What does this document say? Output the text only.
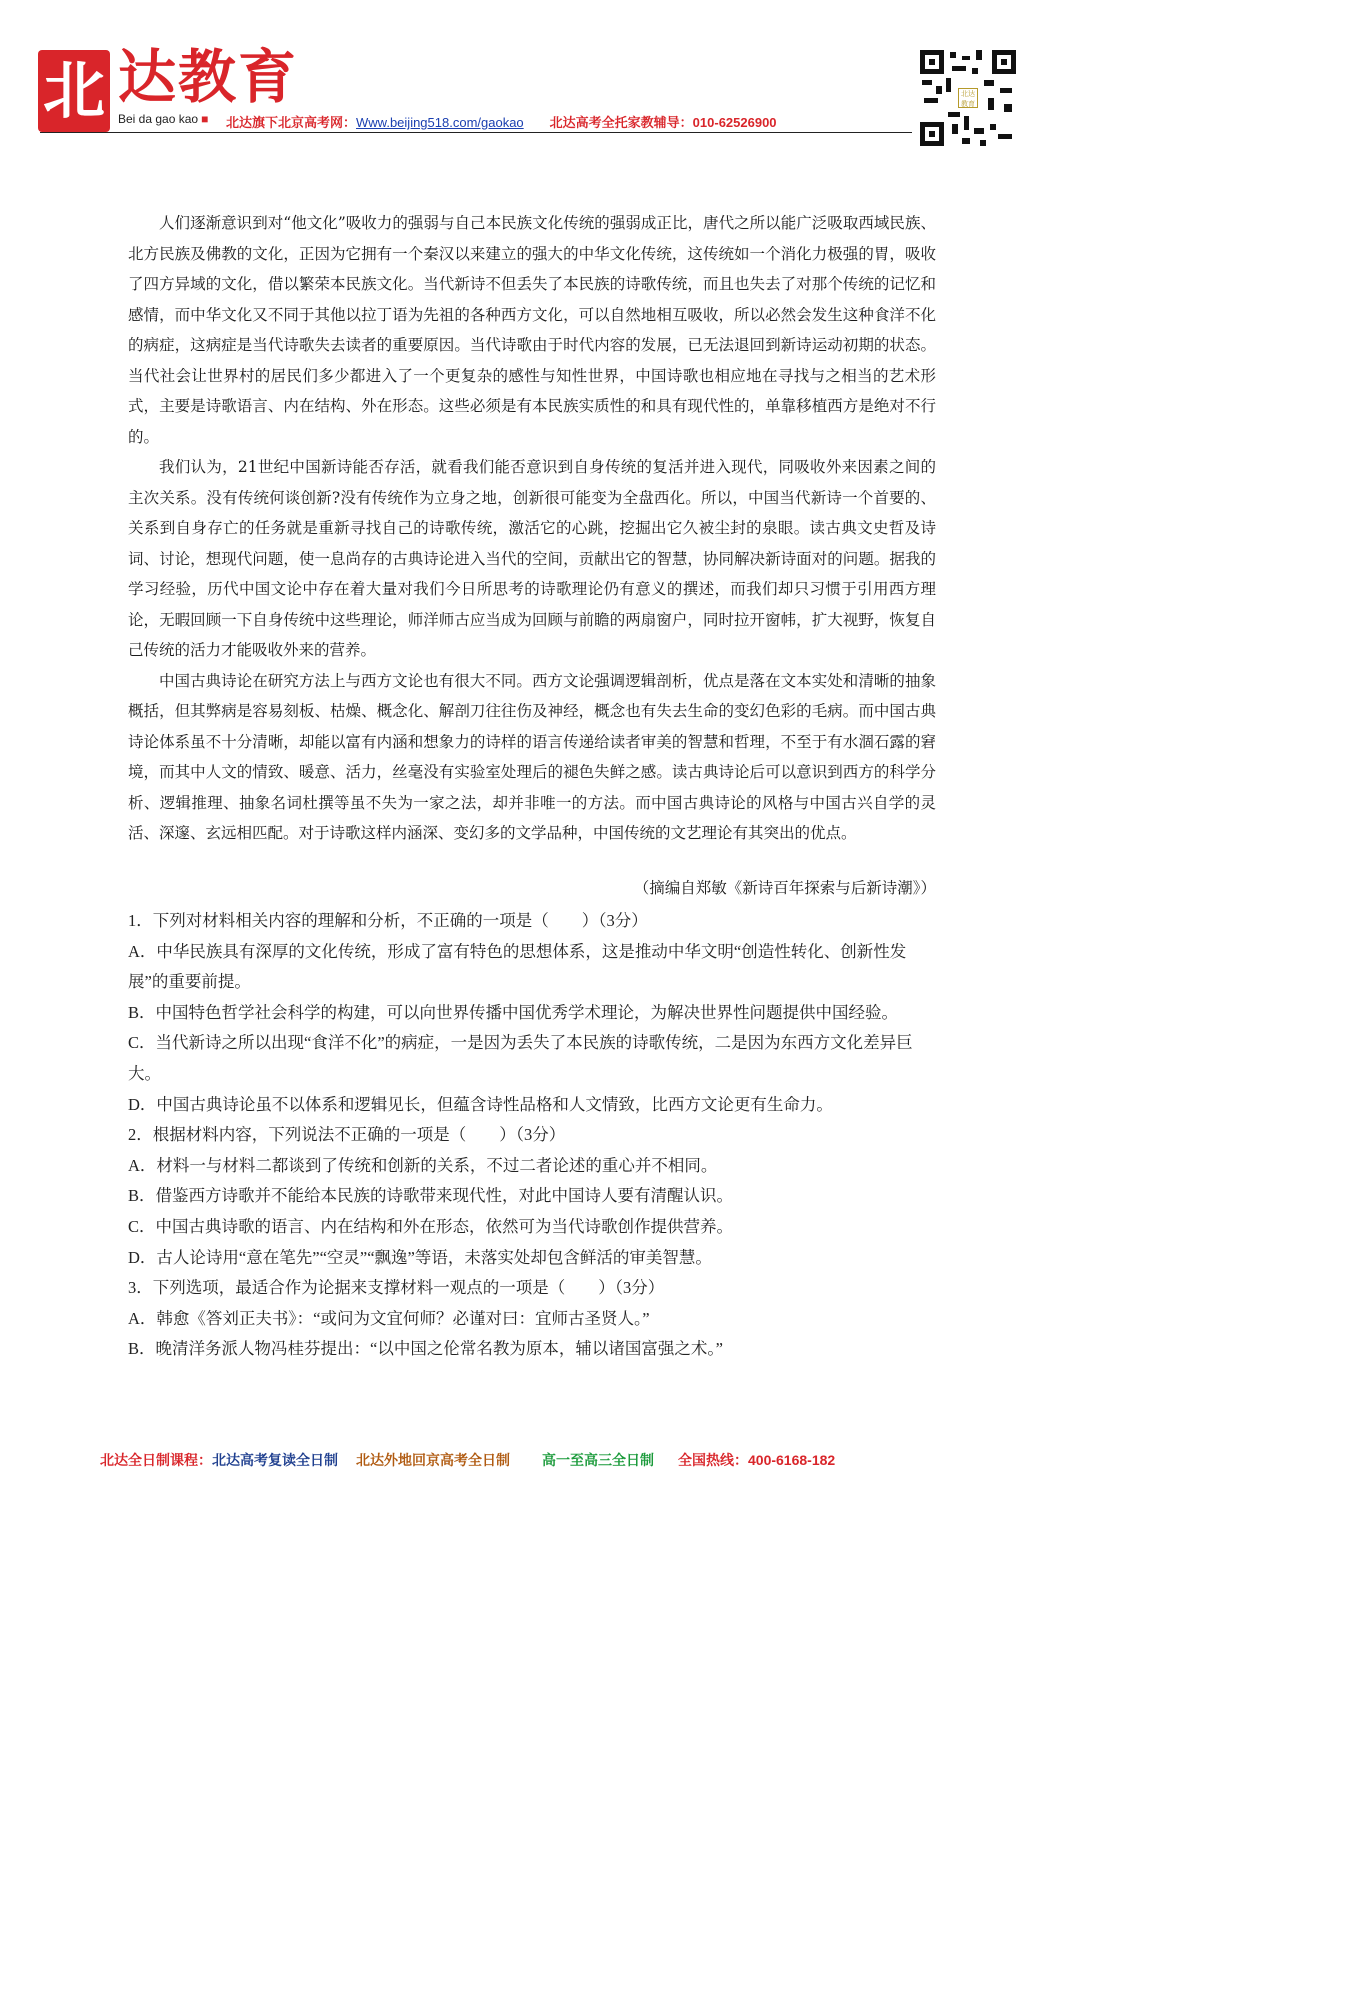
北 达教育
Bei da gao kao ■ 北达旗下北京高考网：Www.beijing518.com/gaokao 北达高考全托家教辅导：010-62526900
北达教育

人们逐渐意识到对“他文化”吸收力的强弱与自己本民族文化传统的强弱成正比，唐代之所以能广泛吸取西域民族、北方民族及佛教的文化，正因为它拥有一个秦汉以来建立的强大的中华文化传统，这传统如一个消化力极强的胃，吸收了四方异域的文化，借以繁荣本民族文化。当代新诗不但丢失了本民族的诗歌传统，而且也失去了对那个传统的记忆和感情，而中华文化又不同于其他以拉丁语为先祖的各种西方文化，可以自然地相互吸收，所以必然会发生这种食洋不化的病症，这病症是当代诗歌失去读者的重要原因。当代诗歌由于时代内容的发展，已无法退回到新诗运动初期的状态。当代社会让世界村的居民们多少都进入了一个更复杂的感性与知性世界，中国诗歌也相应地在寻找与之相当的艺术形式，主要是诗歌语言、内在结构、外在形态。这些必须是有本民族实质性的和具有现代性的，单靠移植西方是绝对不行的。

我们认为，21世纪中国新诗能否存活，就看我们能否意识到自身传统的复活并进入现代，同吸收外来因素之间的主次关系。没有传统何谈创新?没有传统作为立身之地，创新很可能变为全盘西化。所以，中国当代新诗一个首要的、关系到自身存亡的任务就是重新寻找自己的诗歌传统，激活它的心跳，挖掘出它久被尘封的泉眼。读古典文史哲及诗词、讨论，想现代问题，使一息尚存的古典诗论进入当代的空间，贡献出它的智慧，协同解决新诗面对的问题。据我的学习经验，历代中国文论中存在着大量对我们今日所思考的诗歌理论仍有意义的撰述，而我们却只习惯于引用西方理论，无暇回顾一下自身传统中这些理论，师洋师古应当成为回顾与前瞻的两扇窗户，同时拉开窗帏，扩大视野，恢复自己传统的活力才能吸收外来的营养。

中国古典诗论在研究方法上与西方文论也有很大不同。西方文论强调逻辑剖析，优点是落在文本实处和清晰的抽象概括，但其弊病是容易刻板、枯燥、概念化、解剖刀往往伤及神经，概念也有失去生命的变幻色彩的毛病。而中国古典诗论体系虽不十分清晰，却能以富有内涵和想象力的诗样的语言传递给读者审美的智慧和哲理，不至于有水涸石露的窘境，而其中人文的情致、暖意、活力，丝毫没有实验室处理后的褪色失鲜之感。读古典诗论后可以意识到西方的科学分析、逻辑推理、抽象名词杜撰等虽不失为一家之法，却并非唯一的方法。而中国古典诗论的风格与中国古兴自学的灵活、深邃、玄远相匹配。对于诗歌这样内涵深、变幻多的文学品种，中国传统的文艺理论有其突出的优点。

（摘编自郑敏《新诗百年探索与后新诗潮》）
1．下列对材料相关内容的理解和分析，不正确的一项是（　　）（3分）
A．中华民族具有深厚的文化传统，形成了富有特色的思想体系，这是推动中华文明“创造性转化、创新性发展”的重要前提。
B．中国特色哲学社会科学的构建，可以向世界传播中国优秀学术理论，为解决世界性问题提供中国经验。
C．当代新诗之所以出现“食洋不化”的病症，一是因为丢失了本民族的诗歌传统，二是因为东西方文化差异巨大。
D．中国古典诗论虽不以体系和逻辑见长，但蕴含诗性品格和人文情致，比西方文论更有生命力。
2．根据材料内容，下列说法不正确的一项是（　　）（3分）
A．材料一与材料二都谈到了传统和创新的关系，不过二者论述的重心并不相同。
B．借鉴西方诗歌并不能给本民族的诗歌带来现代性，对此中国诗人要有清醒认识。
C．中国古典诗歌的语言、内在结构和外在形态，依然可为当代诗歌创作提供营养。
D．古人论诗用“意在笔先”“空灵”“飘逸”等语，未落实处却包含鲜活的审美智慧。
3．下列选项，最适合作为论据来支撑材料一观点的一项是（　　）（3分）
A．韩愈《答刘正夫书》：“或问为文宜何师？必谨对曰：宜师古圣贤人。”
B．晚清洋务派人物冯桂芬提出：“以中国之伦常名教为原本，辅以诸国富强之术。”
北达全日制课程：北达高考复读全日制 北达外地回京高考全日制 高一至高三全日制 全国热线：400-6168-182
